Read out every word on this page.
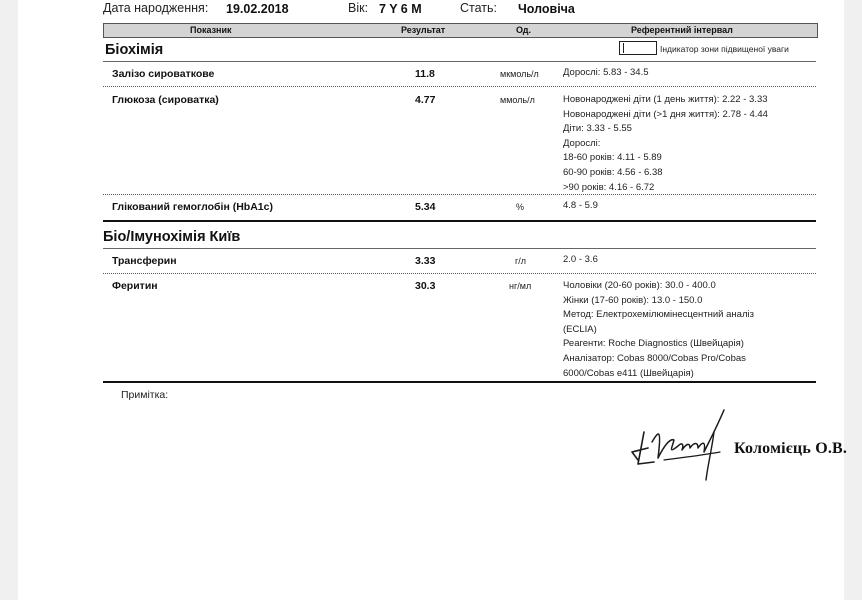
Дата народження: 19.02.2018	Вік: 7 Y 6 M	Стать: Чоловіча
Показник	Результат	Од.	Референтний інтервал
Біохімія	Індикатор зони підвищеної уваги
Залізо сироваткове	11.8	мкмоль/л	Дорослі: 5.83 - 34.5
Глюкоза (сироватка)	4.77	ммоль/л	Новонароджені діти (1 день життя): 2.22 - 3.33
Новонароджені діти (>1 дня життя): 2.78 - 4.44
Діти: 3.33 - 5.55
Дорослі:
18-60 років: 4.11 - 5.89
60-90 років: 4.56 - 6.38
>90 років: 4.16 - 6.72
Глікований гемоглобін (HbA1c)	5.34	%	4.8 - 5.9
Біо/Імунохімія Київ
Трансферин	3.33	г/л	2.0 - 3.6
Феритин	30.3	нг/мл	Чоловіки (20-60 років): 30.0 - 400.0
Жінки (17-60 років): 13.0 - 150.0
Метод: Електрохемілюмінесцентний аналіз
(ECLIA)
Реагенти: Roche Diagnostics (Швейцарія)
Аналізатор: Cobas 8000/Cobas Pro/Cobas
6000/Cobas e411 (Швейцарія)
Примітка:
Коломієць О.В.
